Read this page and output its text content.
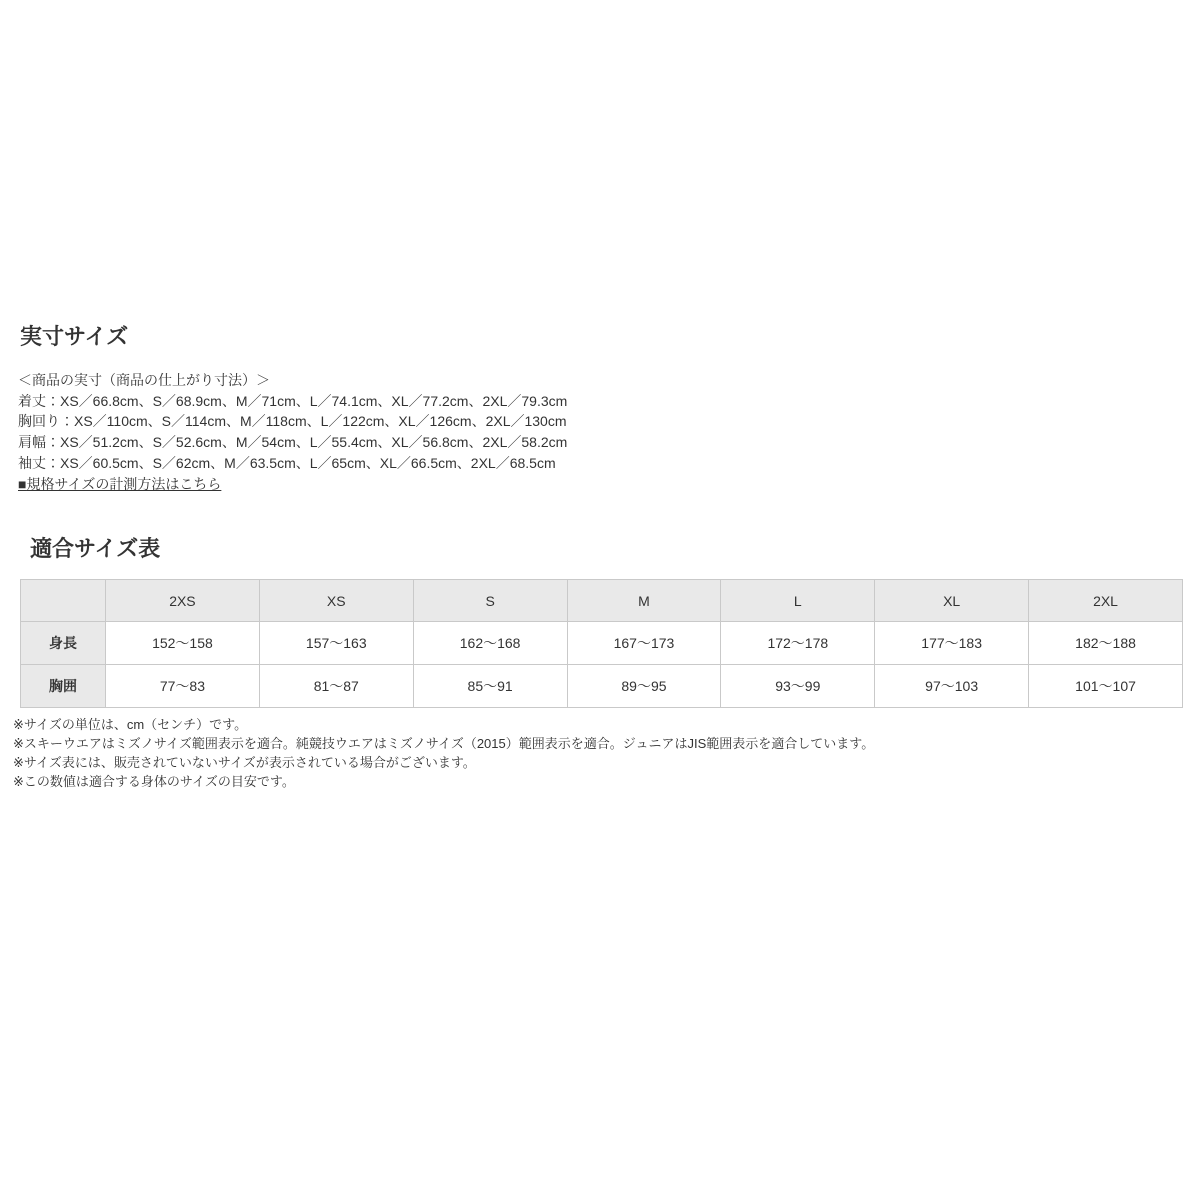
実寸サイズ

＜商品の実寸（商品の仕上がり寸法）＞

着丈：XS／66.8cm、S／68.9cm、M／71cm、L／74.1cm、XL／77.2cm、2XL／79.3cm

胸回り：XS／110cm、S／114cm、M／118cm、L／122cm、XL／126cm、2XL／130cm

肩幅：XS／51.2cm、S／52.6cm、M／54cm、L／55.4cm、XL／56.8cm、2XL／58.2cm

袖丈：XS／60.5cm、S／62cm、M／63.5cm、L／65cm、XL／66.5cm、2XL／68.5cm

■規格サイズの計測方法はこちら

適合サイズ表
	2XS	XS	S	M	L	XL	2XL
身長	152～158	157～163	162～168	167～173	172～178	177～183	182～188
胸囲	77～83	81～87	85～91	89～95	93～99	97～103	101～107

※サイズの単位は、cm（センチ）です。

※スキーウエアはミズノサイズ範囲表示を適合。純競技ウエアはミズノサイズ（2015）範囲表示を適合。ジュニアはJIS範囲表示を適合しています。

※サイズ表には、販売されていないサイズが表示されている場合がございます。

※この数値は適合する身体のサイズの目安です。
